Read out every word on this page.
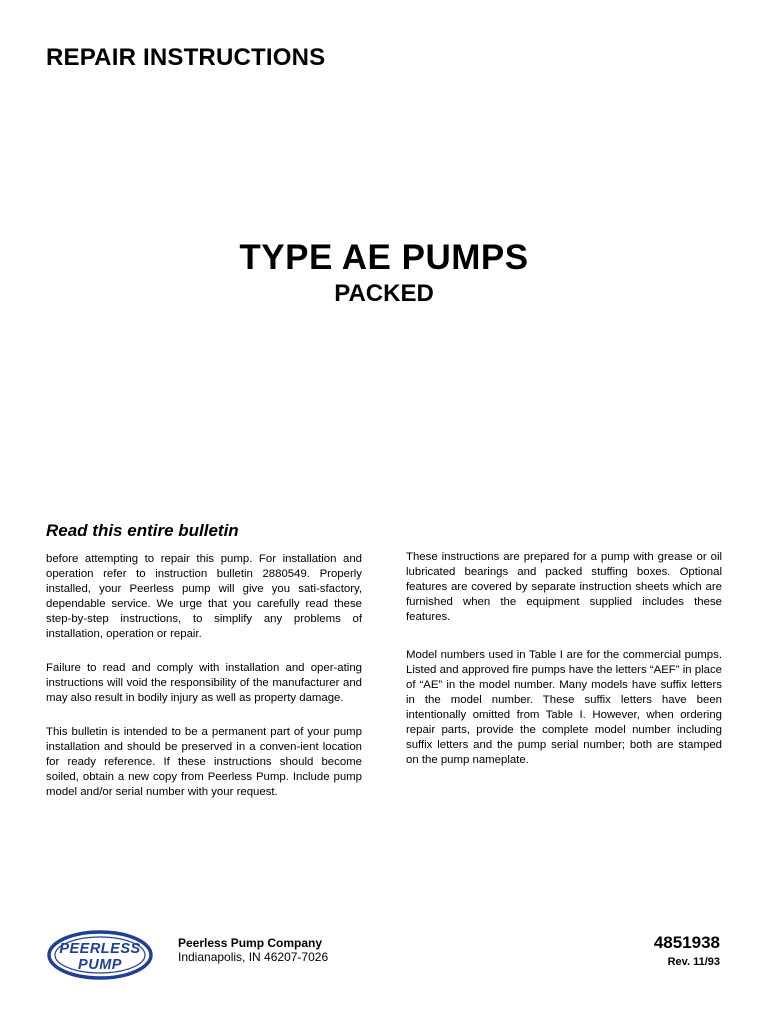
REPAIR INSTRUCTIONS
TYPE AE PUMPS
PACKED
Read this entire bulletin

before attempting to repair this pump. For installation and operation refer to instruction bulletin 2880549. Properly installed, your Peerless pump will give you sati-sfactory, dependable service. We urge that you carefully read these step-by-step instructions, to simplify any problems of installation, operation or repair.

Failure to read and comply with installation and oper-ating instructions will void the responsibility of the manufacturer and may also result in bodily injury as well as property damage.

This bulletin is intended to be a permanent part of your pump installation and should be preserved in a conven-ient location for ready reference. If these instructions should become soiled, obtain a new copy from Peerless Pump. Include pump model and/or serial number with your request.

These instructions are prepared for a pump with grease or oil lubricated bearings and packed stuffing boxes. Optional features are covered by separate instruction sheets which are furnished when the equipment supplied includes these features.

Model numbers used in Table I are for the commercial pumps. Listed and approved fire pumps have the letters “AEF” in place of “AE” in the model number. Many models have suffix letters in the model number. These suffix letters have been intentionally omitted from Table I. However, when ordering repair parts, provide the complete model number including suffix letters and the pump serial number; both are stamped on the pump nameplate.

PEERLESS
PUMP

Peerless Pump Company

Indianapolis, IN 46207-7026

4851938

Rev. 11/93
